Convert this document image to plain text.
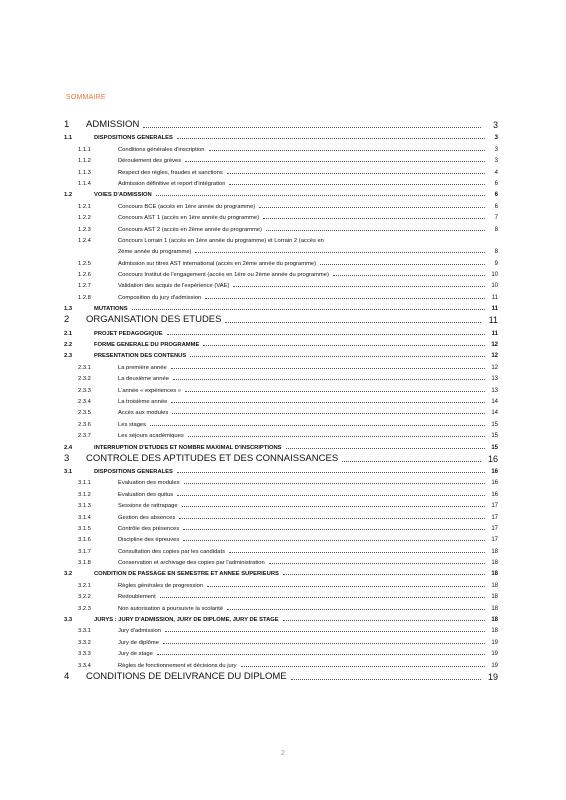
SOMMAIRE
1	ADMISSION	3
1.1	DISPOSITIONS GENERALES	3
1.1.1	Conditions générales d'inscription	3
1.1.2	Déroulement des grèves	3
1.1.3	Respect des règles, fraudes et sanctions	4
1.1.4	Admission définitive et report d'intégration	6
1.2	VOIES D'ADMISSION	6
1.2.1	Concours BCE (accès en 1ère année du programme)	6
1.2.2	Concours AST 1 (accès en 1ère année du programme)	7
1.2.3	Concours AST 2 (accès en 2ème année du programme)	8
1.2.4	Concours Lorrain 1 (accès en 1ère année du programme) et Lorrain 2 (accès en
2ème année du programme)	8
1.2.5	Admission sur titres AST international (accès en 2ème année du programme)	9
1.2.6	Concours Institut de l'engagement (accès en 1ère ou 2ème année du programme)	10
1.2.7	Validation des acquis de l'expérience (VAE)	10
1.2.8	Composition du jury d'admission	11
1.3	MUTATIONS	11
2	ORGANISATION DES ETUDES	11
2.1	PROJET PEDAGOGIQUE	11
2.2	FORME GENERALE DU PROGRAMME	12
2.3	PRESENTATION DES CONTENUS	12
2.3.1	La première année	12
2.3.2	La deuxième année	13
2.3.3	L'année « expériences »	13
2.3.4	La troisième année	14
2.3.5	Accès aux modules	14
2.3.6	Les stages	15
2.3.7	Les séjours académiques	15
2.4	INTERRUPTION D'ETUDES ET NOMBRE MAXIMAL D'INSCRIPTIONS	15
3	CONTROLE DES APTITUDES ET DES CONNAISSANCES	16
3.1	DISPOSITIONS GENERALES	16
3.1.1	Evaluation des modules	16
3.1.2	Evaluation des quitus	16
3.1.3	Sessions de rattrapage	17
3.1.4	Gestion des absences	17
3.1.5	Contrôle des présences	17
3.1.6	Discipline des épreuves	17
3.1.7	Consultation des copies par les candidats	18
3.1.8	Conservation et archivage des copies par l'administration	18
3.2	CONDITION DE PASSAGE EN SEMESTRE ET ANNEE SUPERIEURS	18
3.2.1	Règles générales de progression	18
3.2.2	Redoublement	18
3.2.3	Non autorisation à poursuivre la scolarité	18
3.3	JURYS : JURY D'ADMISSION, JURY DE DIPLOME, JURY DE STAGE	18
3.3.1	Jury d'admission	18
3.3.2	Jury de diplôme	19
3.3.3	Jury de stage	19
3.3.4	Règles de fonctionnement et décisions du jury	19
4	CONDITIONS DE DELIVRANCE DU DIPLOME	19
2
